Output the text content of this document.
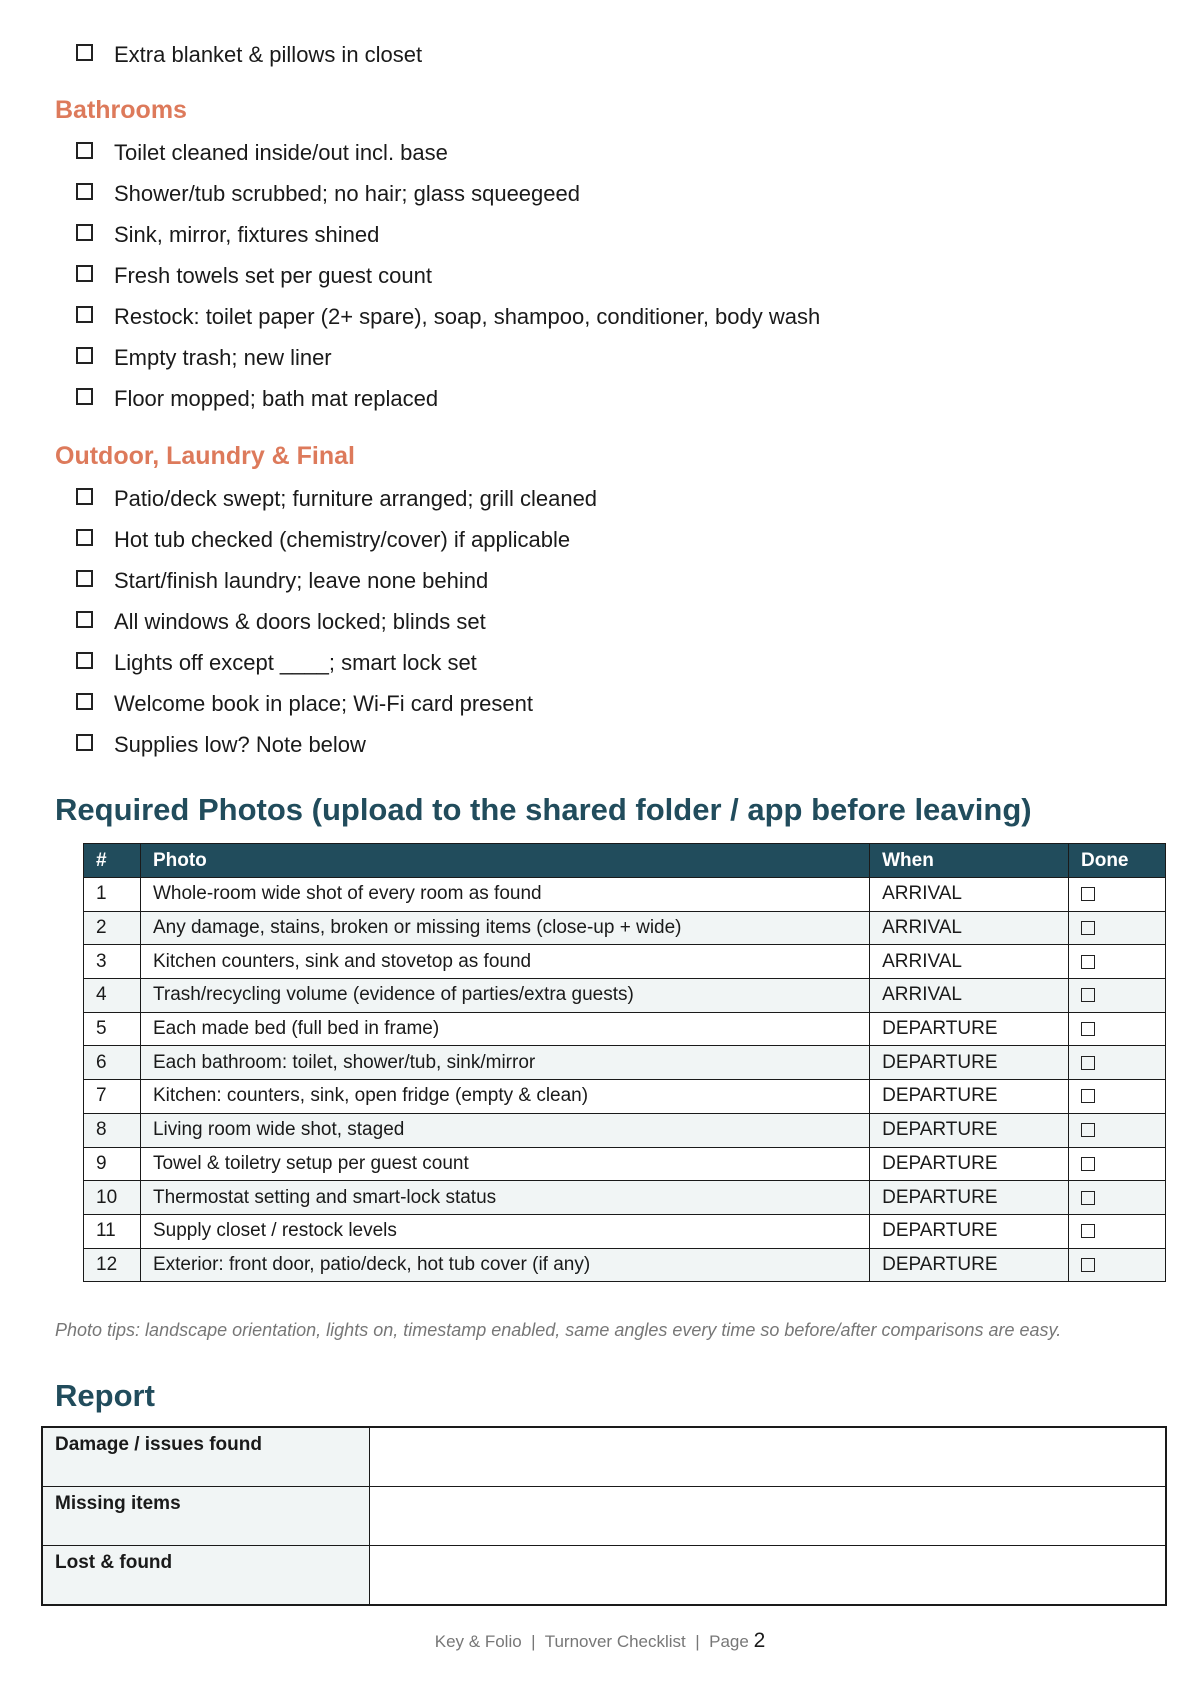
Extra blanket & pillows in closet
Bathrooms
Toilet cleaned inside/out incl. base
Shower/tub scrubbed; no hair; glass squeegeed
Sink, mirror, fixtures shined
Fresh towels set per guest count
Restock: toilet paper (2+ spare), soap, shampoo, conditioner, body wash
Empty trash; new liner
Floor mopped; bath mat replaced
Outdoor, Laundry & Final
Patio/deck swept; furniture arranged; grill cleaned
Hot tub checked (chemistry/cover) if applicable
Start/finish laundry; leave none behind
All windows & doors locked; blinds set
Lights off except ____; smart lock set
Welcome book in place; Wi-Fi card present
Supplies low? Note below
Required Photos (upload to the shared folder / app before leaving)
#	Photo	When	Done
1	Whole-room wide shot of every room as found	ARRIVAL	
2	Any damage, stains, broken or missing items (close-up + wide)	ARRIVAL	
3	Kitchen counters, sink and stovetop as found	ARRIVAL	
4	Trash/recycling volume (evidence of parties/extra guests)	ARRIVAL	
5	Each made bed (full bed in frame)	DEPARTURE	
6	Each bathroom: toilet, shower/tub, sink/mirror	DEPARTURE	
7	Kitchen: counters, sink, open fridge (empty & clean)	DEPARTURE	
8	Living room wide shot, staged	DEPARTURE	
9	Towel & toiletry setup per guest count	DEPARTURE	
10	Thermostat setting and smart-lock status	DEPARTURE	
11	Supply closet / restock levels	DEPARTURE	
12	Exterior: front door, patio/deck, hot tub cover (if any)	DEPARTURE	
Photo tips: landscape orientation, lights on, timestamp enabled, same angles every time so before/after comparisons are easy.
Report
Damage / issues found	
Missing items	
Lost & found	
Key & Folio | Turnover Checklist | Page 2
